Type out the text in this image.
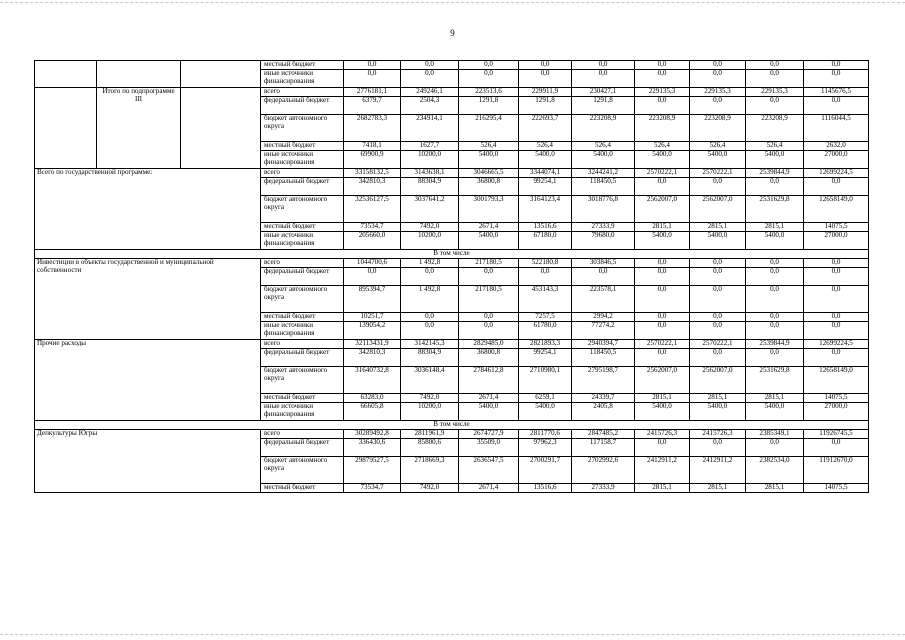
9
			местный бюджет	0,0	0,0	0,0	0,0	0,0	0,0	0,0	0,0	0,0
			иные источники финансирования	0,0	0,0	0,0	0,0	0,0	0,0	0,0	0,0	0,0
	Итого по подпрограмме III		всего	2776181,1	249246,1	223513,6	229911,9	230427,1	229135,3	229135,3	229135,3	1145676,5
			федеральный бюджет	6379,7	2504,3	1291,8	1291,8	1291,8	0,0	0,0	0,0	0,0
			бюджет автономного округа	2682783,3	234914,1	216295,4	222693,7	223208,9	223208,9	223208,9	223208,9	1116044,5
			местный бюджет	7418,1	1627,7	526,4	526,4	526,4	526,4	526,4	526,4	2632,0
			иные источники финансирования	69900,9	10200,0	5400,0	5400,0	5400,0	5400,0	5400,0	5400,0	27000,0
Всего по государственной программе:			всего	33158132,5	3143638,1	3046665,5	3344074,1	3244241,2	2570222,1	2570222,1	2539844,9	12699224,5
			федеральный бюджет	342810,3	88304,9	36800,8	99254,1	118450,5	0,0	0,0	0,0	0,0
			бюджет автономного округа	32536127,5	3037641,2	3001793,3	3164123,4	3018776,8	2562007,0	2562007,0	2531629,8	12658149,0
			местный бюджет	73534,7	7492,0	2671,4	13516,6	27333,9	2815,1	2815,1	2815,1	14075,5
			иные источники финансирования	205660,0	10200,0	5400,0	67180,0	79680,0	5400,0	5400,0	5400,0	27000,0
В том числе												
Инвестиции в объекты государственной и муниципальной собственности			всего	1044700,6	1 492,8	217180,5	522180,8	303846,5	0,0	0,0	0,0	0,0
			федеральный бюджет	0,0	0,0	0,0	0,0	0,0	0,0	0,0	0,0	0,0
			бюджет автономного округа	895394,7	1 492,8	217180,5	453143,3	223578,1	0,0	0,0	0,0	0,0
			местный бюджет	10251,7	0,0	0,0	7257,5	2994,2	0,0	0,0	0,0	0,0
			иные источники финансирования	139054,2	0,0	0,0	61780,0	77274,2	0,0	0,0	0,0	0,0
Прочие расходы			всего	32113431,9	3142145,3	2829485,0	2821893,3	2940394,7	2570222,1	2570222,1	2539844,9	12699224,5
			федеральный бюджет	342810,3	88304,9	36800,8	99254,1	118450,5	0,0	0,0	0,0	0,0
			бюджет автономного округа	31640732,8	3036148,4	2784612,8	2710980,1	2795198,7	2562007,0	2562007,0	2531629,8	12658149,0
			местный бюджет	63283,0	7492,0	2671,4	6259,1	24339,7	2815,1	2815,1	2815,1	14075,5
			иные источники финансирования	66605,8	10200,0	5400,0	5400,0	2405,8	5400,0	5400,0	5400,0	27000,0
В том числе												
Депкультуры Югры			всего	30289492,8	2811961,9	2674727,9	2811770,6	2847485,2	2415726,3	2415726,3	2385349,1	11926745,5
			федеральный бюджет	336430,6	85800,6	35509,0	97962,3	117158,7	0,0	0,0	0,0	0,0
			бюджет автономного округа	29879527,5	2718669,3	2636547,5	2700291,7	2702992,6	2412911,2	2412911,2	2382534,0	11912670,0
			местный бюджет	73534,7	7492,0	2671,4	13516,6	27333,9	2815,1	2815,1	2815,1	14075,5
